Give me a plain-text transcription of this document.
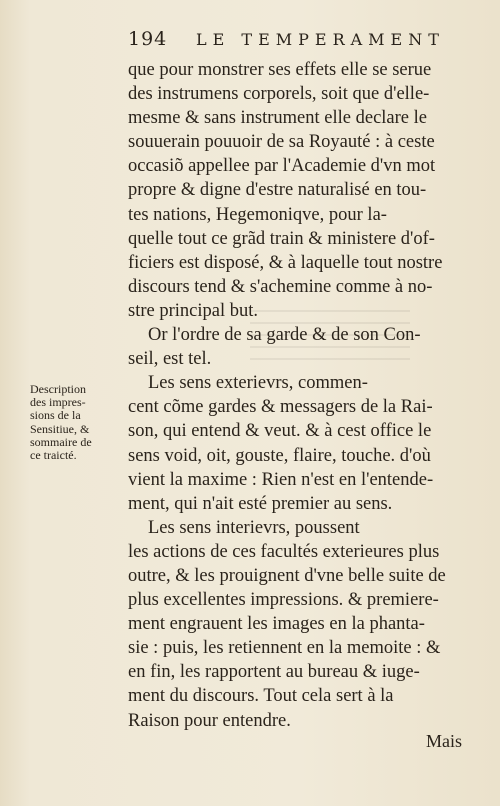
194 LE TEMPERAMENT
que pour monstrer ses effets elle se serue
des instrumens corporels, soit que d'elle-
mesme & sans instrument elle declare le
souuerain pouuoir de sa Royauté : à ceste
occasiõ appellee par l'Academie d'vn mot
propre & digne d'estre naturalisé en tou-
tes nations, Hegemoniqve, pour la-
quelle tout ce grãd train & ministere d'of-
ficiers est disposé, & à laquelle tout nostre
discours tend & s'achemine comme à no-
stre principal but.
Or l'ordre de sa garde & de son Con-
seil, est tel.
Les sens exterievrs, commen-
cent cõme gardes & messagers de la Rai-
son, qui entend & veut. & à cest office le
sens void, oit, gouste, flaire, touche. d'où
vient la maxime : Rien n'est en l'entende-
ment, qui n'ait esté premier au sens.
Les sens interievrs, poussent
les actions de ces facultés exterieures plus
outre, & les prouignent d'vne belle suite de
plus excellentes impressions. & premiere-
ment engrauent les images en la phanta-
sie : puis, les retiennent en la memoite : &
en fin, les rapportent au bureau & iuge-
ment du discours. Tout cela sert à la
Raison pour entendre.
Description
des impres-
sions de la
Sensitiue, &
sommaire de
ce traicté.
Mais
